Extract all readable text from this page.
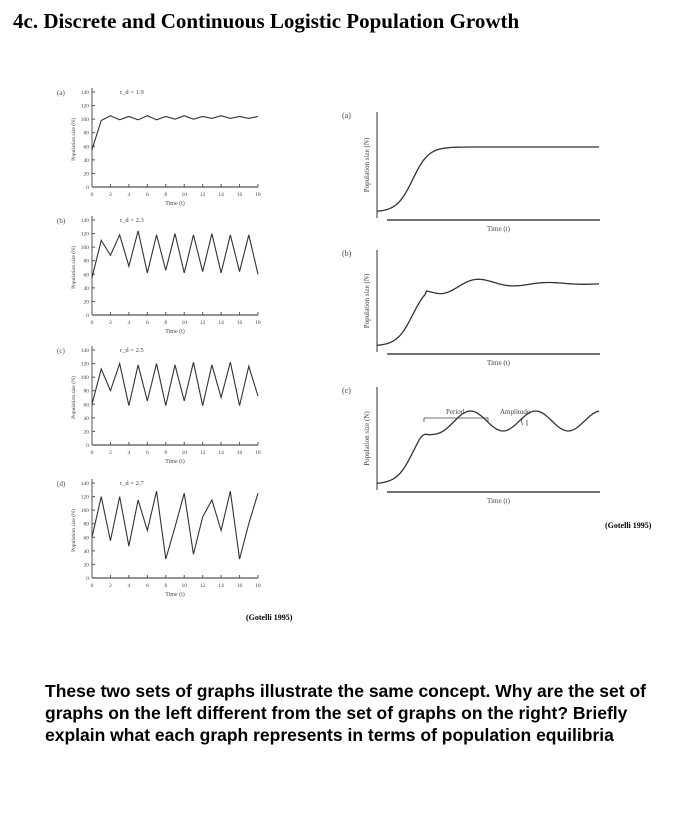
4c. Discrete and Continuous Logistic Population Growth
(a)
0
20
40
60
80
100
120
140
0	2	4	6	8	10 12 14 16 18
Time (t)
Population size (N)
r_d = 1.9
(b)
0
20
40
60
80
100
120
140
0	2	4	6	8	10 12 14 16 18
Time (t)
Population size (N)
r_d = 2.3
(c)
0
20
40
60
80
100
120
140
0	2	4	6	8	10 12 14 16 18
Time (t)
Population size (N)
r_d = 2.5
(d)
0
20
40
60
80
100
120
140
0	2	4	6	8	10 12 14 16 18
Time (t)
Population size (N)
r_d = 2.7
(a)
Time (t)
Population size (N)
(b)
Time (t)
Population size (N)
(c)
Time (t)
Population size (N)	Period	Amplitude
(Gotelli 1995)
(Gotelli 1995)
These two sets of graphs illustrate the same concept. Why are the set of graphs on the left different from the set of graphs on the right? Briefly explain what each graph represents in terms of population equilibria
